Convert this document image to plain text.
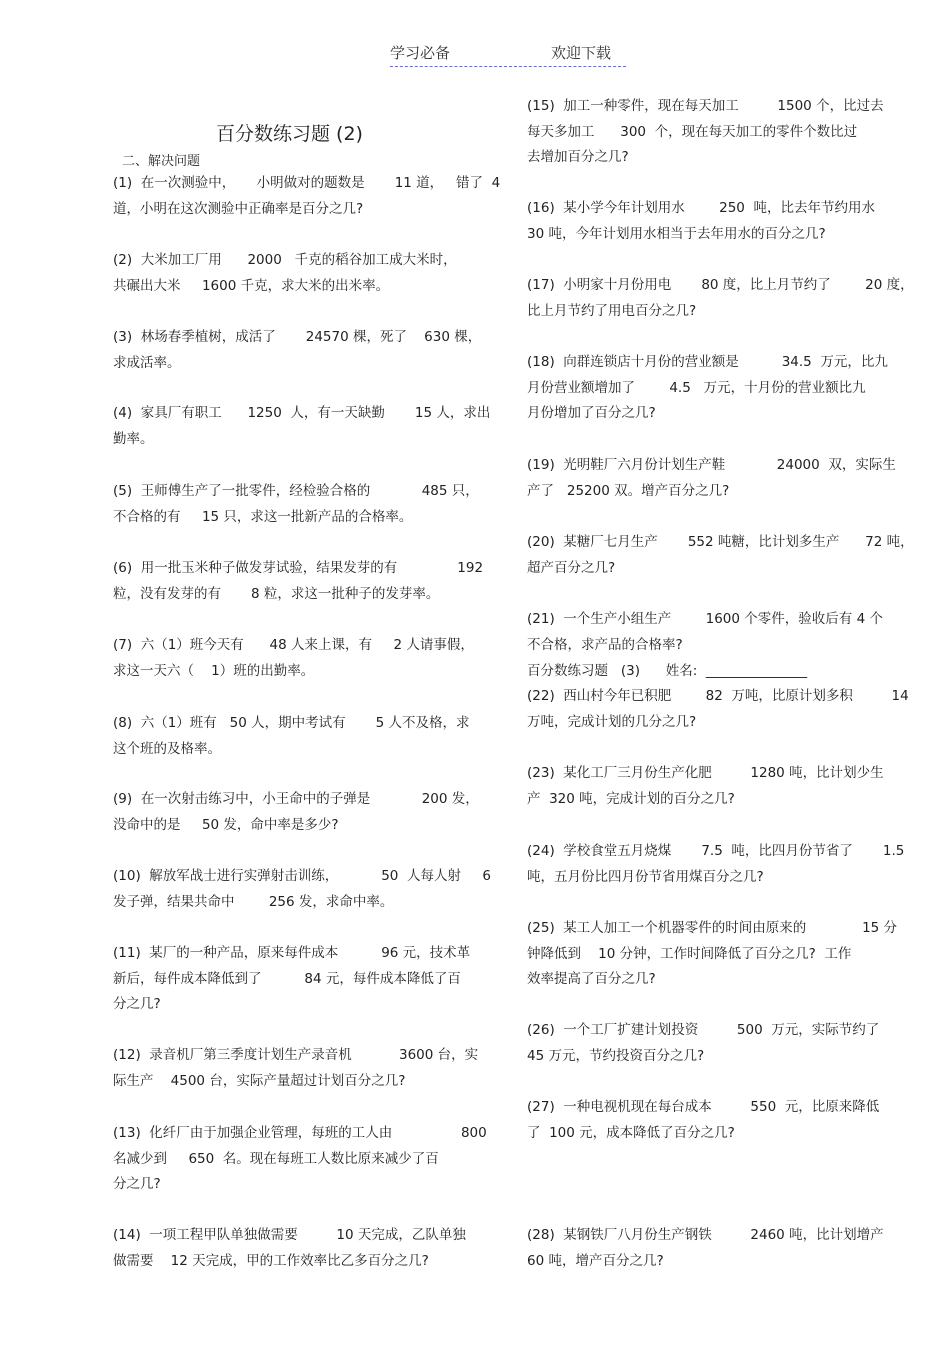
学习必备	欢迎下载
百分数练习题 (2)
二、解决问题
百分数练习题   (3)      姓名:  _______________
(1)  在一次测验中，     小明做对的题数是       11 道，   错了  4
道，小明在这次测验中正确率是百分之几?
(2)  大米加工厂用      2000   千克的稻谷加工成大米时，
共碾出大米     1600 千克，求大米的出米率。
(3)  林场春季植树，成活了       24570 棵，死了    630 棵，
求成活率。
(4)  家具厂有职工      1250  人，有一天缺勤       15 人，求出
勤率。
(5)  王师傅生产了一批零件，经检验合格的            485 只，
不合格的有     15 只，求这一批新产品的合格率。
(6)  用一批玉米种子做发芽试验，结果发芽的有              192
粒，没有发芽的有       8 粒，求这一批种子的发芽率。
(7)  六（1）班今天有      48 人来上课，有     2 人请事假，
求这一天六（    1）班的出勤率。
(8)  六（1）班有   50 人，期中考试有       5 人不及格，求
这个班的及格率。
(9)  在一次射击练习中，小王命中的子弹是            200 发，
没命中的是     50 发，命中率是多少?
(10)  解放军战士进行实弹射击训练，          50  人每人射     6
发子弹，结果共命中        256 发，求命中率。
(11)  某厂的一种产品，原来每件成本          96 元，技术革
新后，每件成本降低到了          84 元，每件成本降低了百
分之几?
(12)  录音机厂第三季度计划生产录音机           3600 台，实
际生产    4500 台，实际产量超过计划百分之几?
(13)  化纤厂由于加强企业管理，每班的工人由                800
名减少到     650  名。现在每班工人数比原来减少了百
分之几?
(14)  一项工程甲队单独做需要         10 天完成，乙队单独
做需要    12 天完成，甲的工作效率比乙多百分之几?
(15)  加工一种零件，现在每天加工         1500 个，比过去
每天多加工      300  个，现在每天加工的零件个数比过
去增加百分之几?
(16)  某小学今年计划用水        250  吨，比去年节约用水
30 吨，今年计划用水相当于去年用水的百分之几?
(17)  小明家十月份用电       80 度，比上月节约了        20 度，
比上月节约了用电百分之几?
(18)  向群连锁店十月份的营业额是          34.5  万元，比九
月份营业额增加了        4.5   万元，十月份的营业额比九
月份增加了百分之几?
(19)  光明鞋厂六月份计划生产鞋            24000  双，实际生
产了   25200 双。增产百分之几?
(20)  某糖厂七月生产       552 吨糖，比计划多生产      72 吨，
超产百分之几?
(21)  一个生产小组生产        1600 个零件，验收后有 4 个
不合格，求产品的合格率?
(22)  西山村今年已积肥        82  万吨，比原计划多积         14
万吨，完成计划的几分之几?
(23)  某化工厂三月份生产化肥         1280 吨，比计划少生
产  320 吨，完成计划的百分之几?
(24)  学校食堂五月烧煤       7.5  吨，比四月份节省了       1.5
吨，五月份比四月份节省用煤百分之几?
(25)  某工人加工一个机器零件的时间由原来的             15 分
钟降低到    10 分钟，工作时间降低了百分之几?  工作
效率提高了百分之几?
(26)  一个工厂扩建计划投资         500  万元，实际节约了
45 万元，节约投资百分之几?
(27)  一种电视机现在每台成本         550  元，比原来降低
了  100 元，成本降低了百分之几?
(28)  某钢铁厂八月份生产钢铁         2460 吨，比计划增产
60 吨，增产百分之几?
